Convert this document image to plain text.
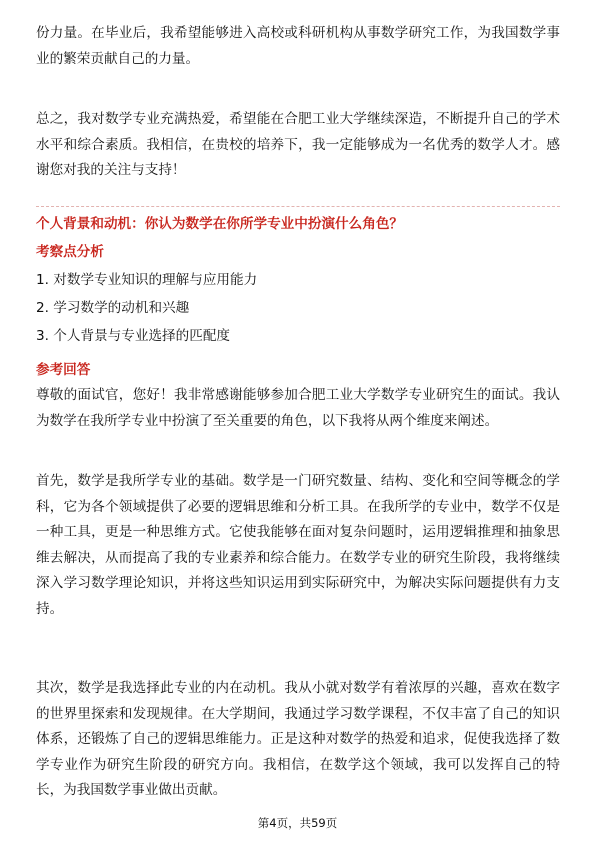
份力量。在毕业后，我希望能够进入高校或科研机构从事数学研究工作，为我国数学事业的繁荣贡献自己的力量。

总之，我对数学专业充满热爱，希望能在合肥工业大学继续深造，不断提升自己的学术水平和综合素质。我相信，在贵校的培养下，我一定能够成为一名优秀的数学人才。感谢您对我的关注与支持！

个人背景和动机：你认为数学在你所学专业中扮演什么角色？

考察点分析

1. 对数学专业知识的理解与应用能力

2. 学习数学的动机和兴趣

3. 个人背景与专业选择的匹配度

参考回答

尊敬的面试官，您好！我非常感谢能够参加合肥工业大学数学专业研究生的面试。我认为数学在我所学专业中扮演了至关重要的角色，以下我将从两个维度来阐述。

首先，数学是我所学专业的基础。数学是一门研究数量、结构、变化和空间等概念的学科，它为各个领域提供了必要的逻辑思维和分析工具。在我所学的专业中，数学不仅是一种工具，更是一种思维方式。它使我能够在面对复杂问题时，运用逻辑推理和抽象思维去解决，从而提高了我的专业素养和综合能力。在数学专业的研究生阶段，我将继续深入学习数学理论知识，并将这些知识运用到实际研究中，为解决实际问题提供有力支持。

其次，数学是我选择此专业的内在动机。我从小就对数学有着浓厚的兴趣，喜欢在数字的世界里探索和发现规律。在大学期间，我通过学习数学课程，不仅丰富了自己的知识体系，还锻炼了自己的逻辑思维能力。正是这种对数学的热爱和追求，促使我选择了数学专业作为研究生阶段的研究方向。我相信，在数学这个领域，我可以发挥自己的特长，为我国数学事业做出贡献。

第4页，共59页
